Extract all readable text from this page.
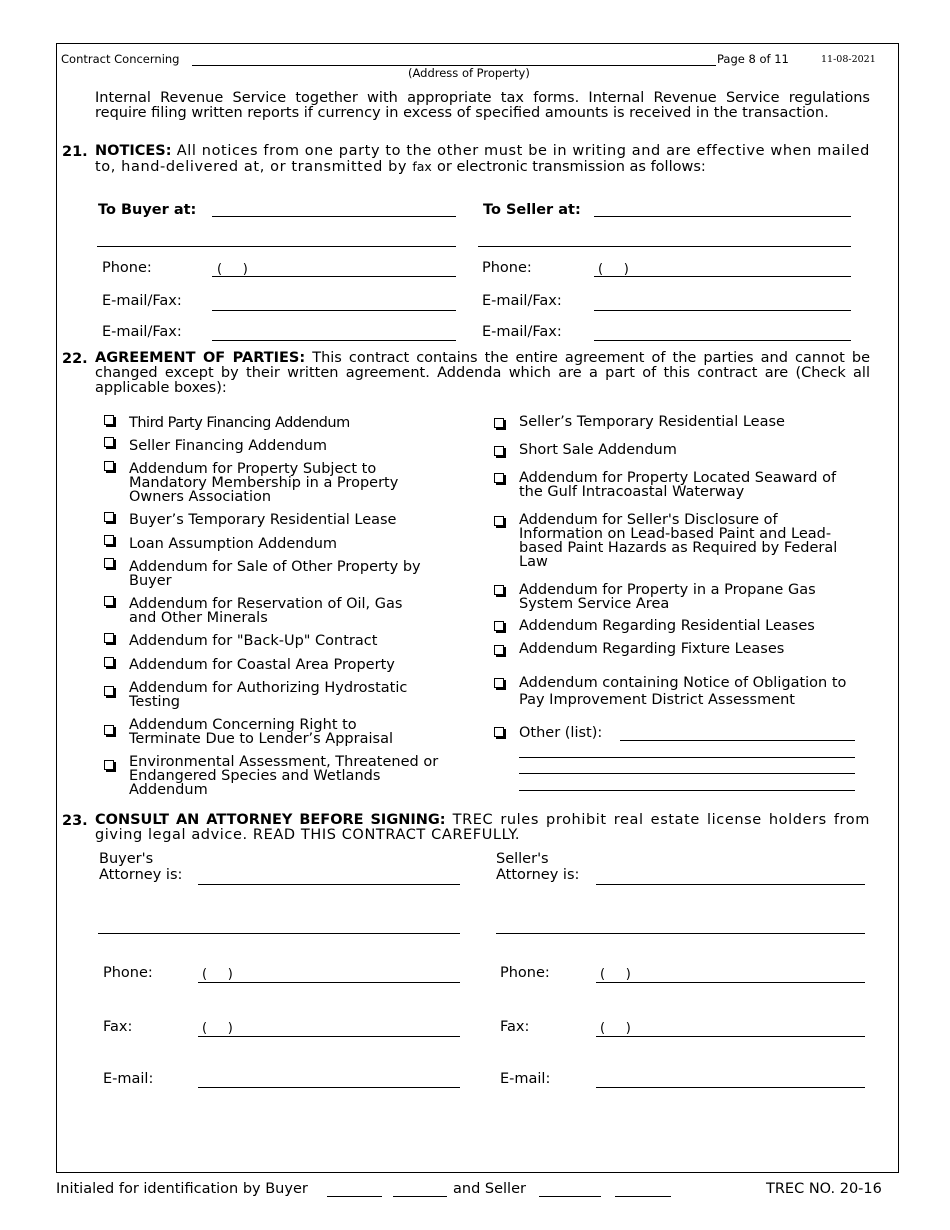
Contract Concerning
(Address of Property)
Page 8 of 11	11-08-2021
Internal Revenue Service together with appropriate tax forms. Internal Revenue Service regulations require filing written reports if currency in excess of specified amounts is received in the transaction.
21. NOTICES: All notices from one party to the other must be in writing and are effective when mailed to, hand-delivered at, or transmitted by fax or electronic transmission as follows:
To Buyer at:
Phone:	(     )
E-mail/Fax:
E-mail/Fax:
To Seller at:
Phone:	(     )
E-mail/Fax:
E-mail/Fax:
22. AGREEMENT OF PARTIES: This contract contains the entire agreement of the parties and cannot be changed except by their written agreement. Addenda which are a part of this contract are (Check all applicable boxes):
Third Party Financing Addendum
Seller Financing Addendum
Addendum for Property Subject to Mandatory Membership in a Property Owners Association
Buyer’s Temporary Residential Lease
Loan Assumption Addendum
Addendum for Sale of Other Property by Buyer
Addendum for Reservation of Oil, Gas and Other Minerals
Addendum for "Back-Up" Contract
Addendum for Coastal Area Property
Addendum for Authorizing Hydrostatic Testing
Addendum Concerning Right to Terminate Due to Lender’s Appraisal
Environmental Assessment, Threatened or Endangered Species and Wetlands Addendum
Seller’s Temporary Residential Lease
Short Sale Addendum
Addendum for Property Located Seaward of the Gulf Intracoastal Waterway
Addendum for Seller's Disclosure of Information on Lead-based Paint and Lead-based Paint Hazards as Required by Federal Law
Addendum for Property in a Propane Gas System Service Area
Addendum Regarding Residential Leases
Addendum Regarding Fixture Leases
Addendum containing Notice of Obligation to Pay Improvement District Assessment
Other (list):
23. CONSULT AN ATTORNEY BEFORE SIGNING: TREC rules prohibit real estate license holders from giving legal advice. READ THIS CONTRACT CAREFULLY.
Buyer's
Attorney is:
Phone:	(     )
Fax:	(     )
E-mail:
Seller's
Attorney is:
Phone:	(     )
Fax:	(     )
E-mail:
Initialed for identification by Buyer	and Seller	TREC NO. 20-16
